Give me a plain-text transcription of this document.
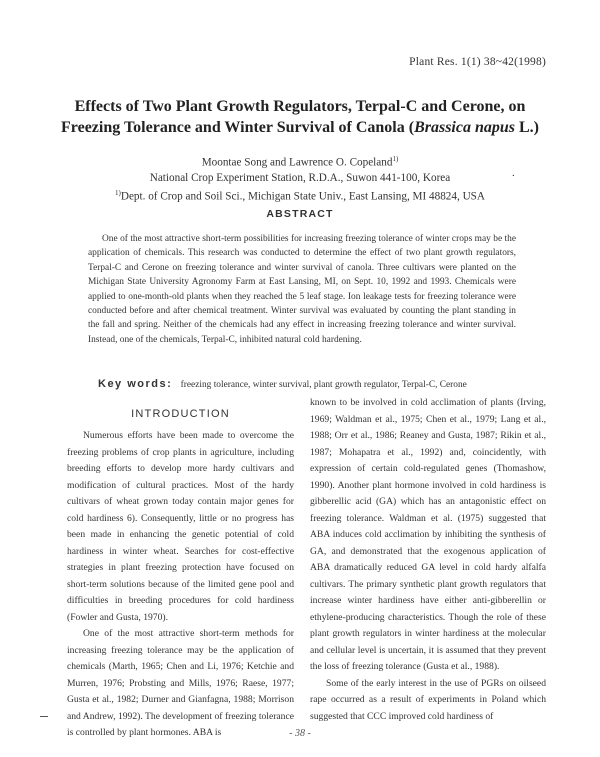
Plant Res. 1(1) 38~42(1998)
Effects of Two Plant Growth Regulators, Terpal-C and Cerone, on
Freezing Tolerance and Winter Survival of Canola (Brassica napus L.)
Moontae Song and Lawrence O. Copeland$^{1)}$
National Crop Experiment Station, R.D.A., Suwon 441-100, Korea
$^{1)}$Dept. of Crop and Soil Sci., Michigan State Univ., East Lansing, MI 48824, USA
.
ABSTRACT
One of the most attractive short-term possibilities for increasing freezing tolerance of winter crops may be the application of chemicals. This research was conducted to determine the effect of two plant growth regulators, Terpal-C and Cerone on freezing tolerance and winter survival of canola. Three cultivars were planted on the Michigan State University Agronomy Farm at East Lansing, MI, on Sept. 10, 1992 and 1993. Chemicals were applied to one-month-old plants when they reached the 5 leaf stage. Ion leakage tests for freezing tolerance were conducted before and after chemical treatment. Winter survival was evaluated by counting the plant standing in the fall and spring. Neither of the chemicals had any effect in increasing freezing tolerance and winter survival. Instead, one of the chemicals, Terpal-C, inhibited natural cold hardening.
Key words: freezing tolerance, winter survival, plant growth regulator, Terpal-C, Cerone
INTRODUCTION

Numerous efforts have been made to overcome the freezing problems of crop plants in agriculture, including breeding efforts to develop more hardy cultivars and modification of cultural practices. Most of the hardy cultivars of wheat grown today contain major genes for cold hardiness 6). Consequently, little or no progress has been made in enhancing the genetic potential of cold hardiness in winter wheat. Searches for cost-effective strategies in plant freezing protection have focused on short-term solutions because of the limited gene pool and difficulties in breeding procedures for cold hardiness (Fowler and Gusta, 1970).

One of the most attractive short-term methods for increasing freezing tolerance may be the application of chemicals (Marth, 1965; Chen and Li, 1976; Ketchie and Murren, 1976; Probsting and Mills, 1976; Raese, 1977; Gusta et al., 1982; Durner and Gianfagna, 1988; Morrison and Andrew, 1992). The development of freezing tolerance is controlled by plant hormones. ABA is

known to be involved in cold acclimation of plants (Irving, 1969; Waldman et al., 1975; Chen et al., 1979; Lang et al., 1988; Orr et al., 1986; Reaney and Gusta, 1987; Rikin et al., 1987; Mohapatra et al., 1992) and, coincidently, with expression of certain cold-regulated genes (Thomashow, 1990). Another plant hormone involved in cold hardiness is gibberellic acid (GA) which has an antagonistic effect on freezing tolerance. Waldman et al. (1975) suggested that ABA induces cold acclimation by inhibiting the synthesis of GA, and demonstrated that the exogenous application of ABA dramatically reduced GA level in cold hardy alfalfa cultivars. The primary synthetic plant growth regulators that increase winter hardiness have either anti-gibberellin or ethylene-producing characteristics. Though the role of these plant growth regulators in winter hardiness at the molecular and cellular level is uncertain, it is assumed that they prevent the loss of freezing tolerance (Gusta et al., 1988).

Some of the early interest in the use of PGRs on oilseed rape occurred as a result of experiments in Poland which suggested that CCC improved cold hardiness of

- 38 -
